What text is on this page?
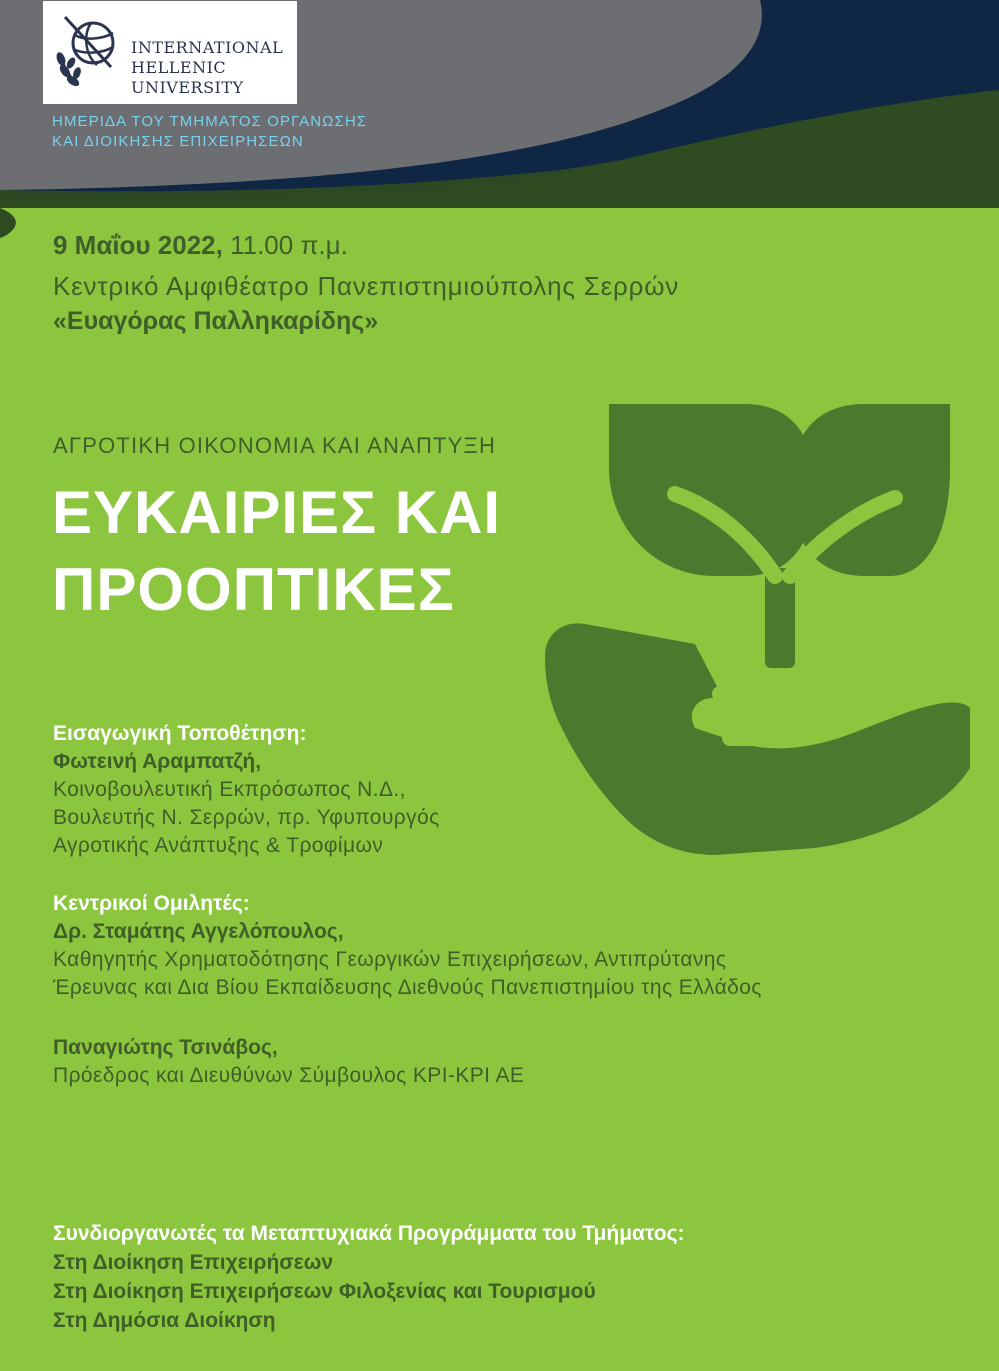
INTERNATIONAL
HELLENIC
UNIVERSITY
ΗΜΕΡΙΔΑ ΤΟΥ ΤΜΗΜΑΤΟΣ ΟΡΓΑΝΩΣΗΣ
ΚΑΙ ΔΙΟΙΚΗΣΗΣ ΕΠΙΧΕΙΡΗΣΕΩΝ
9 Μαΐου 2022, 11.00 π.μ.
Κεντρικό Αμφιθέατρο Πανεπιστημιούπολης Σερρών
«Ευαγόρας Παλληκαρίδης»
ΑΓΡΟΤΙΚΗ ΟΙΚΟΝΟΜΙΑ ΚΑΙ ΑΝΑΠΤΥΞΗ
ΕΥΚΑΙΡΙΕΣ ΚΑΙ
ΠΡΟΟΠΤΙΚΕΣ
Εισαγωγική Τοποθέτηση:
Φωτεινή Αραμπατζή,
Κοινοβουλευτική Εκπρόσωπος Ν.Δ.,
Βουλευτής Ν. Σερρών, πρ. Υφυπουργός
Αγροτικής Ανάπτυξης & Τροφίμων
Κεντρικοί Ομιλητές:
Δρ. Σταμάτης Αγγελόπουλος,
Καθηγητής Χρηματοδότησης Γεωργικών Επιχειρήσεων, Αντιπρύτανης
Έρευνας και Δια Βίου Εκπαίδευσης Διεθνούς Πανεπιστημίου της Ελλάδος
Παναγιώτης Τσινάβος,
Πρόεδρος και Διευθύνων Σύμβουλος KPI-KPI AE
Συνδιοργανωτές τα Μεταπτυχιακά Προγράμματα του Τμήματος:
Στη Διοίκηση Επιχειρήσεων
Στη Διοίκηση Επιχειρήσεων Φιλοξενίας και Τουρισμού
Στη Δημόσια Διοίκηση
